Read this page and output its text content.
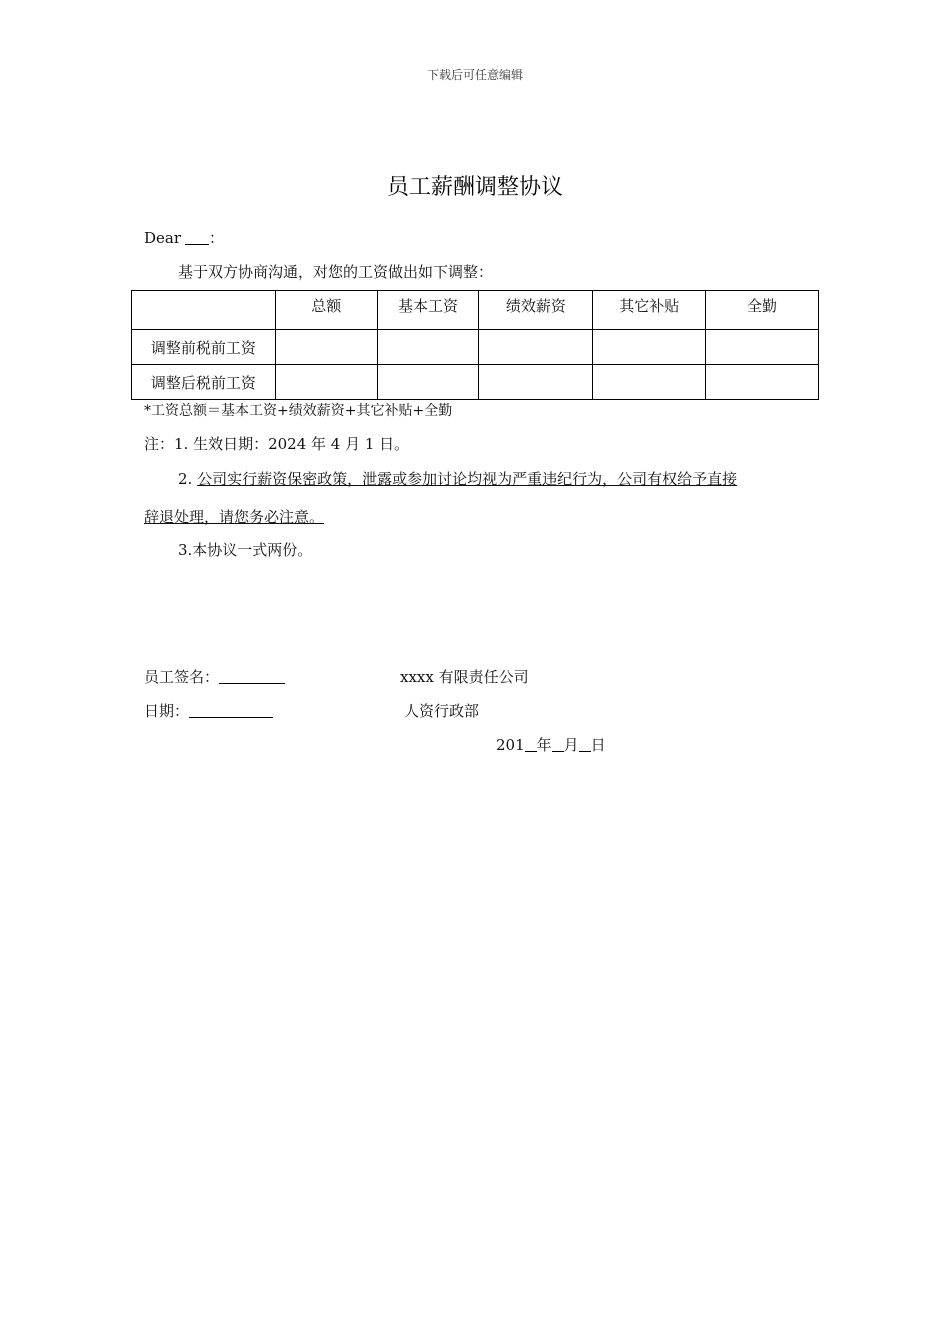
下载后可任意编辑
员工薪酬调整协议
Dear ：
基于双方协商沟通，对您的工资做出如下调整：
	总额	基本工资	绩效薪资	其它补贴	全勤
调整前税前工资					
调整后税前工资					
*工资总额＝基本工资+绩效薪资+其它补贴+全勤
注：1. 生效日期：2024 年 4 月 1 日。
2. 公司实行薪资保密政策，泄露或参加讨论均视为严重违纪行为，公司有权给予直接
辞退处理，请您务必注意。
3.本协议一式两份。
员工签名：
日期：
xxxx 有限责任公司
人资行政部
201 年 月 日
